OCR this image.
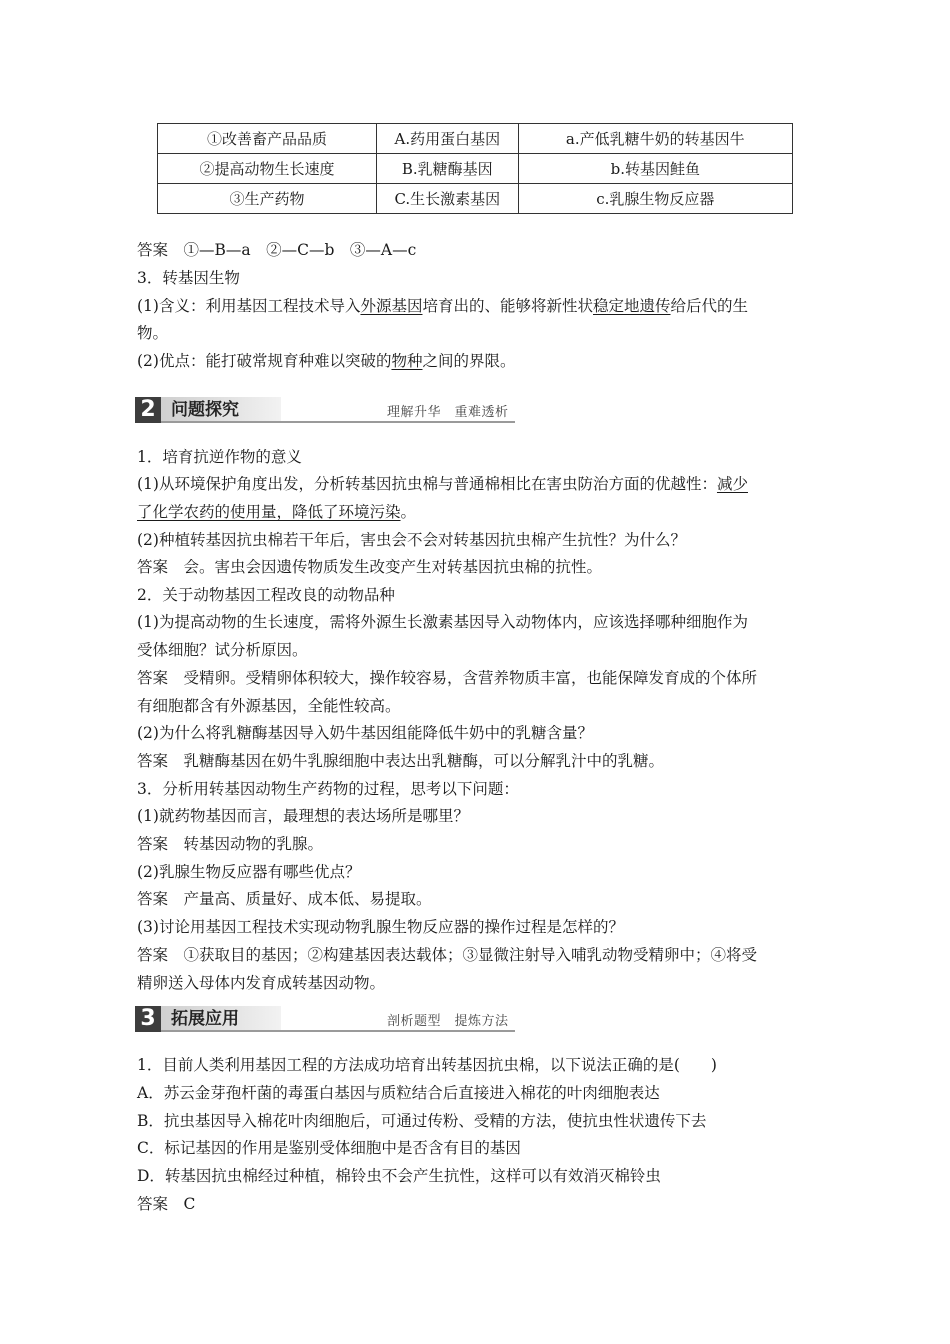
①改善畜产品品质	A.药用蛋白基因	a.产低乳糖牛奶的转基因牛
②提高动物生长速度	B.乳糖酶基因	b.转基因鲑鱼
③生产药物	C.生长激素基因	c.乳腺生物反应器
答案　①—B—a　②—C—b　③—A—c
3．转基因生物
(1)含义：利用基因工程技术导入外源基因培育出的、能够将新性状稳定地遗传给后代的生
物。
(2)优点：能打破常规育种难以突破的物种之间的界限。
2 问题探究	理解升华　重难透析
1．培育抗逆作物的意义
(1)从环境保护角度出发，分析转基因抗虫棉与普通棉相比在害虫防治方面的优越性：减少
了化学农药的使用量，降低了环境污染。
(2)种植转基因抗虫棉若干年后，害虫会不会对转基因抗虫棉产生抗性？为什么？
答案　会。害虫会因遗传物质发生改变产生对转基因抗虫棉的抗性。
2．关于动物基因工程改良的动物品种
(1)为提高动物的生长速度，需将外源生长激素基因导入动物体内，应该选择哪种细胞作为
受体细胞？试分析原因。
答案　受精卵。受精卵体积较大，操作较容易，含营养物质丰富，也能保障发育成的个体所
有细胞都含有外源基因，全能性较高。
(2)为什么将乳糖酶基因导入奶牛基因组能降低牛奶中的乳糖含量？
答案　乳糖酶基因在奶牛乳腺细胞中表达出乳糖酶，可以分解乳汁中的乳糖。
3．分析用转基因动物生产药物的过程，思考以下问题：
(1)就药物基因而言，最理想的表达场所是哪里？
答案　转基因动物的乳腺。
(2)乳腺生物反应器有哪些优点？
答案　产量高、质量好、成本低、易提取。
(3)讨论用基因工程技术实现动物乳腺生物反应器的操作过程是怎样的？
答案　①获取目的基因；②构建基因表达载体；③显微注射导入哺乳动物受精卵中；④将受
精卵送入母体内发育成转基因动物。
3 拓展应用	剖析题型　提炼方法
1．目前人类利用基因工程的方法成功培育出转基因抗虫棉，以下说法正确的是(　　)
A．苏云金芽孢杆菌的毒蛋白基因与质粒结合后直接进入棉花的叶肉细胞表达
B．抗虫基因导入棉花叶肉细胞后，可通过传粉、受精的方法，使抗虫性状遗传下去
C．标记基因的作用是鉴别受体细胞中是否含有目的基因
D．转基因抗虫棉经过种植，棉铃虫不会产生抗性，这样可以有效消灭棉铃虫
答案　C
